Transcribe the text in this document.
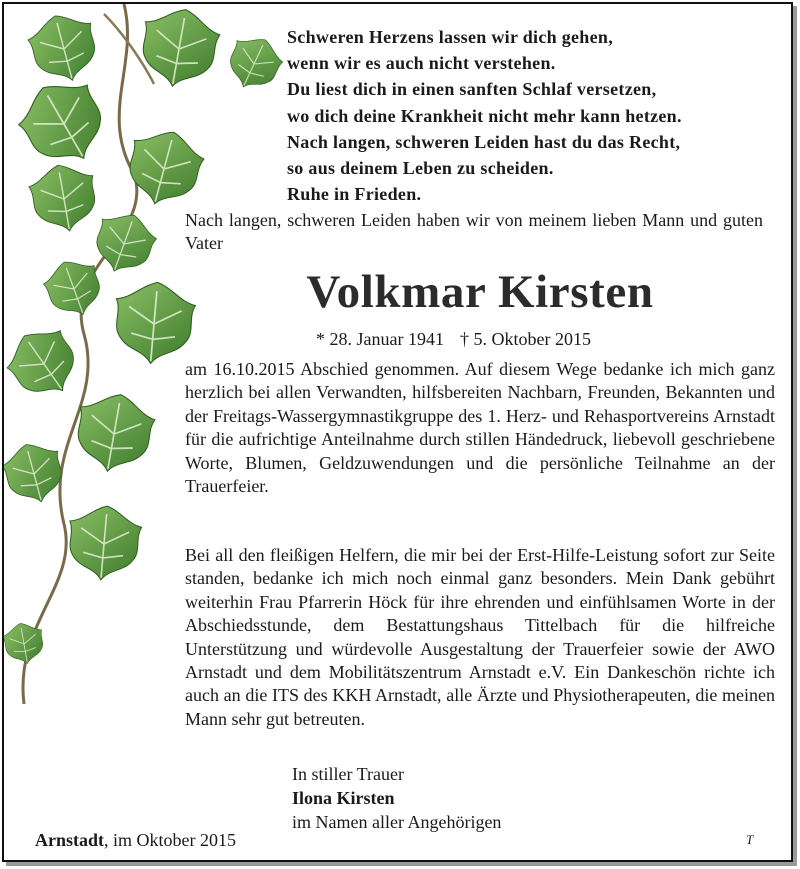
Schweren Herzens lassen wir dich gehen,
wenn wir es auch nicht verstehen.
Du liest dich in einen sanften Schlaf versetzen,
wo dich deine Krankheit nicht mehr kann hetzen.
Nach langen, schweren Leiden hast du das Recht,
so aus deinem Leben zu scheiden.
Ruhe in Frieden.
Nach langen, schweren Leiden haben wir von meinem lieben Mann und guten Vater
Volkmar Kirsten
* 28. Januar 1941 † 5. Oktober 2015

am 16.10.2015 Abschied genommen. Auf diesem Wege bedanke ich mich ganz herzlich bei allen Verwandten, hilfsbereiten Nachbarn, Freunden, Bekannten und der Freitags-Wassergymnastikgruppe des 1. Herz- und Rehasportvereins Arnstadt für die aufrichtige Anteilnahme durch stillen Händedruck, liebevoll geschriebene Worte, Blumen, Geldzuwendungen und die persönliche Teilnahme an der Trauerfeier.

Bei all den fleißigen Helfern, die mir bei der Erst-Hilfe-Leistung sofort zur Seite standen, bedanke ich mich noch einmal ganz besonders. Mein Dank gebührt weiterhin Frau Pfarrerin Höck für ihre ehrenden und einfühlsamen Worte in der Abschiedsstunde, dem Bestattungshaus Tittelbach für die hilfreiche Unterstützung und würdevolle Ausgestaltung der Trauerfeier sowie der AWO Arnstadt und dem Mobilitätszentrum Arnstadt e.V. Ein Dankeschön richte ich auch an die ITS des KKH Arnstadt, alle Ärzte und Physiotherapeuten, die meinen Mann sehr gut betreuten.

In stiller Trauer
Ilona Kirsten
im Namen aller Angehörigen
Arnstadt, im Oktober 2015	T
